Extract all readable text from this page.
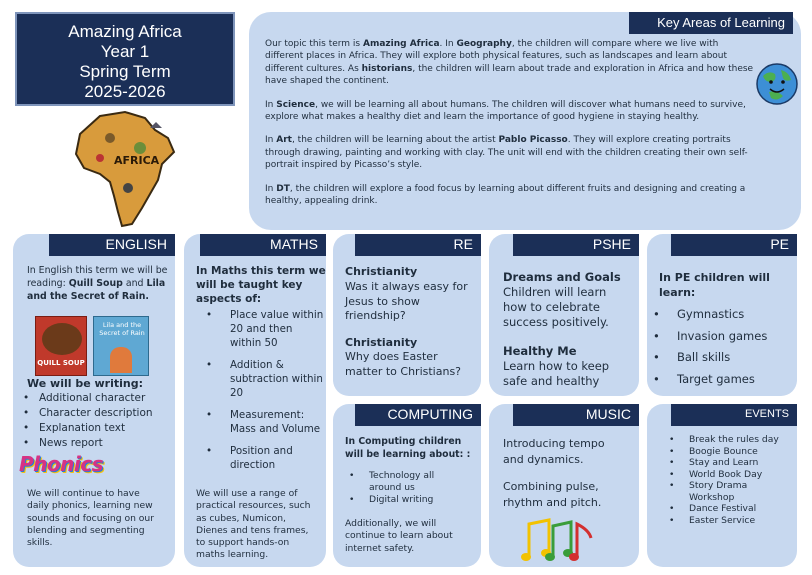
Amazing Africa
Year 1
Spring Term
2025-2026
AFRICA
Key Areas of Learning

Our topic this term is Amazing Africa. In Geography, the children will compare where we live with different places in Africa. They will explore both physical features, such as landscapes and learn about different cultures. As historians, the children will learn about trade and exploration in Africa and how these have shaped the continent.

In Science, we will be learning all about humans. The children will discover what humans need to survive, explore what makes a healthy diet and learn the importance of good hygiene in staying healthy.

In Art, the children will be learning about the artist Pablo Picasso. They will explore creating portraits through drawing, painting and working with clay. The unit will end with the children creating their own self-portrait inspired by Picasso’s style.

In DT, the children will explore a food focus by learning about different fruits and designing and creating a healthy, appealing drink.

ENGLISH

In English this term we will be reading: Quill Soup and Lila and the Secret of Rain.

QUILL SOUP
Lila and the Secret of Rain

We will be writing:

• Additional character
• Character description
• Explanation text
• News report
Phonics

We will continue to have daily phonics, learning new sounds and focusing on our blending and segmenting skills.

MATHS

In Maths this term we will be taught key aspects of:

• Place value within 20 and then within 50
• Addition & subtraction within 20
• Measurement: Mass and Volume
• Position and direction

We will use a range of practical resources, such as cubes, Numicon, Dienes and tens frames, to support hands-on maths learning.

RE

Christianity

Was it always easy for Jesus to show friendship?

Christianity

Why does Easter matter to Christians?

PSHE

Dreams and Goals

Children will learn how to celebrate success positively.

Healthy Me

Learn how to keep safe and healthy

PE

In PE children will learn:

• Gymnastics
• Invasion games
• Ball skills
• Target games
COMPUTING

In Computing children will be learning about: :

• Technology all around us
• Digital writing

Additionally, we will continue to learn about internet safety.

MUSIC

Introducing tempo and dynamics.

Combining pulse, rhythm and pitch.

EVENTS
• Break the rules day
• Boogie Bounce
• Stay and Learn
• World Book Day
• Story Drama Workshop
• Dance Festival
• Easter Service
